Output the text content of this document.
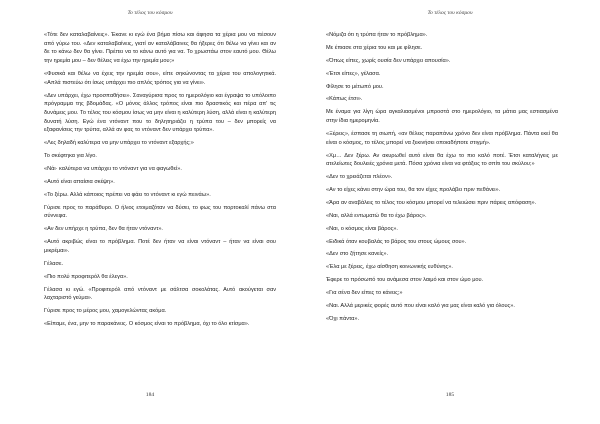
Το τέλος του κόσμου

«Τότε δεν καταλαβαίνεις». Έκανε κι εγώ ένα βήμα πίσω και άφησα τα χέρια μου να πέσουν από γύρω του. «Δεν καταλαβαίνεις, γιατί αν καταλάβαινες θα ήξερες ότι θέλω να γίνει και αν δε το κάνω δεν θα γίνει. Πρέπει να το κάνω αυτό για να. Το χρωστάω στον εαυτό μου. Θέλω την ηρεμία μου – δεν θέλεις να έχω την ηρεμία μου;»

«Φυσικά και θέλω να έχεις την ηρεμία σου», είπε σηκώνοντας τα χέρια του απολογητικά. «Απλά πιστεύω ότι ίσως υπάρχει πιο απλός τρόπος για να γίνει».

«Δεν υπάρχει, έχω προσπαθήσει». Σαναγύρισα προς το ημερολόγιο και έγραψα το υπόλοιπο πρόγραμμα της βδομάδας. «Ο μόνος άλλος τρόπος είναι πιο δραστικός και πέρα απ' τις δυνάμεις μου. Το τέλος του κόσμου ίσως να μην είναι η καλύτερη λύση, αλλά είναι η καλύτερη δυνατή λύση. Εγώ ένα ντόναντ που το δηλητηριάζει η τρύπα του – δεν μπορείς να εξαφανίσεις την τρύπα, αλλά αν φας το ντόναντ δεν υπάρχει τρύπα».

«Λες δηλαδή καλύτερα να μην υπάρχει το ντόναντ εξαρχής;»

Το σκέφτηκα για λίγο.

«Νάι· καλύτερα να υπάρχει το ντόναντ για να φαγωθεί».

«Αυτό είναι απαίσια σκέψη».

«Το ξέρω. Αλλά κάποιος πρέπει να φάει το ντόναντ κι εγώ πεινάω».

Γύρισε προς το παράθυρο. Ο ήλιος ετοιμαζόταν να δύσει, το φως του πορτοκαλί πάνω στα σύννεφα.

«Αν δεν υπήρχε η τρύπα, δεν θα ήταν ντόναντ».

«Αυτό ακριβώς είναι το πρόβλημα. Ποτέ δεν ήταν να είναι ντόναντ – ήταν να είναι σου μικρέμαι».

Γέλασε.

«Πιο πολύ προφιτερόλ θα έλεγα».

Γέλασα κι εγώ. «Προφιτερόλ από ντόναντ με σάλτσα σοκολάτας. Αυτό ακούγεται σαν λαχταριστό γεύμα».

Γύρισε προς το μέρος μου, χαμογελώντας ακόμα.

«Είπαμε, ένα, μην το παρακάνεις. Ο κόσμος είναι το πρόβλημα, όχι το όλο κτίσμα».

184
Το τέλος του κόσμου

«Νόμιζα ότι η τρύπα ήταν το πρόβλημα».

Με έπιασε στα χέρια του και με φίλησε.

«Όπως είπες, χωρίς ουσία δεν υπάρχει απουσία».

«Έτσι είπες», γέλασα.

Φίλησε το μέτωπό μου.

«Κάπως έτσι».

Με έναμα για λίγη ώρα αγκαλιασμένοι μπροστά στο ημερολόγιο, τα μάτια μας εστιασμένα στην ίδια ημερομηνία.

«Ξέρεις», έσπασε τη σιωπή, «αν θέλεις παραπάνω χρόνο δεν είναι πρόβλημα. Πάντα εκεί θα είναι ο κόσμος, το τέλος μπορεί να ξεκινήσει οποιαδήποτε στιγμή».

«Χμ… Δεν ξέρω. Αν ακυρωθεί αυτό είναι θα έχω το πιο καλό ποτέ. Έτσι καταλήγεις με ατελείωτες δουλειές χρόνια μετά. Πόσα χρόνια είναι να φτάξεις το σπίτι του σκύλου;»

«Δεν το χρειάζεται πλέον».

«Αν το είχες κάνει στην ώρα του, θα τον είχες προλάβει πριν πεθάνει».

«Άρα αν αναβάλεις το τέλος του κόσμου μπορεί να τελειώσει πριν πάρεις απόφαση».

«Ναι, αλλά εντωματώ θα το έχω βάρος».

«Ναι, ο κόσμος είναι βάρος».

«Ειδικά όταν κουβαλάς το βάρος του στους ώμους σου».

«Δεν στο ζήτησε κανείς».

«Έλα με ξέρεις, έχω αίσθηση κοινωνικής ευθύνης».

Έφερε το πρόσωπό του ανάμεσα στον λαιμό και στον ώμο μου.

«Για σένα δεν είπες το κάνεις;»

«Ναι. Αλλά μερικές φορές αυτό που είναι καλό για μας είναι καλό για όλους».

«Όχι πάντα».

185
